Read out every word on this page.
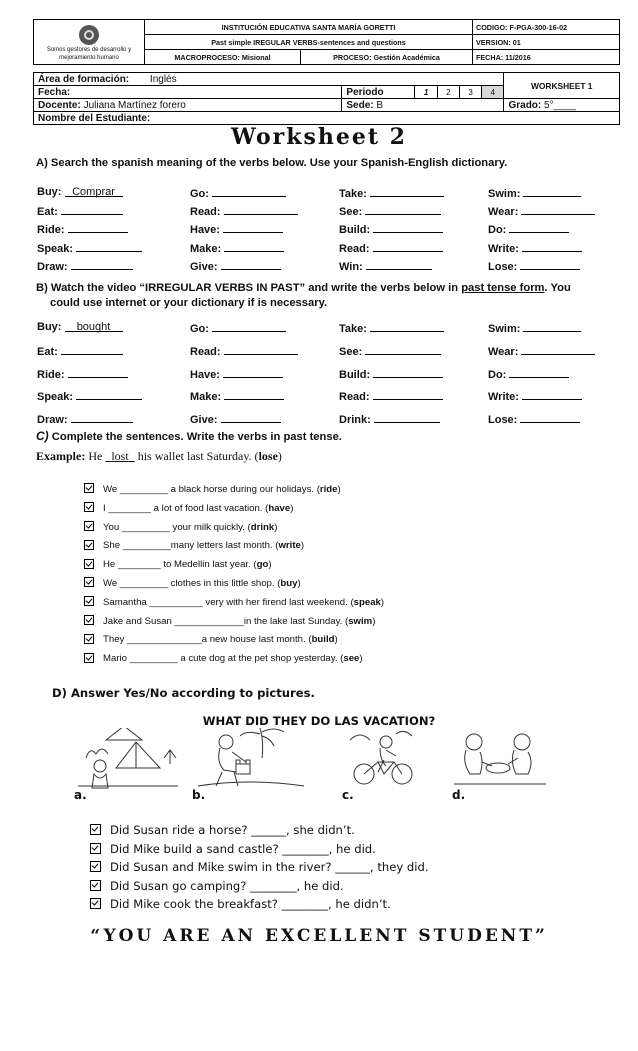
Somos gestores de desarrollo y mejoramiento humano	INSTITUCIÓN EDUCATIVA SANTA MARÍA GORETTI		CODIGO: F-PGA-300-16-02
	Past simple IREGULAR VERBS-sentences and questions		VERSION: 01
	MACROPROCESO: Misional	PROCESO: Gestión Académica	FECHA: 11/2016
Área de formación: Inglés						WORKSHEET 1
Fecha:	Periodo	1	2	3	4	
Docente: Juliana Martínez forero	Sede: B					Grado: 5°____
Nombre del Estudiante:						
Worksheet 2
A) Search the spanish meaning of the verbs below. Use your Spanish-English dictionary.
Buy: Comprar	Go:	Take:	Swim:
Eat:	Read:	See:	Wear:
Ride:	Have:	Build:	Do:
Speak:	Make:	Read:	Write:
Draw:	Give:	Win:	Lose:
B) Watch the video “IRREGULAR VERBS IN PAST” and write the verbs below in past tense form. You
could use internet or your dictionary if is necessary.
Buy: bought	Go:	Take:	Swim:
Eat:	Read:	See:	Wear:
Ride:	Have:	Build:	Do:
Speak:	Make:	Read:	Write:
Draw:	Give:	Drink:	Lose:
C) Complete the sentences. Write the verbs in past tense.
Example: He lost his wallet last Saturday. (lose)
We _________ a black horse during our holidays. (ride)
I ________ a lot of food last vacation. (have)
You _________ your milk quickly. (drink)
She _________many letters last month. (write)
He ________ to Medellin last year. (go)
We _________ clothes in this little shop. (buy)
Samantha __________ very with her firend last weekend. (speak)
Jake and Susan _____________in the lake last Sunday. (swim)
They ______________a new house last month. (build)
Mario _________ a cute dog at the pet shop yesterday. (see)
D) Answer Yes/No according to pictures.
WHAT DID THEY DO LAS VACATION?
a.	b.	c.	d.
Did Susan ride a horse? ______, she didn’t.
Did Mike build a sand castle? ________, he did.
Did Susan and Mike swim in the river? ______, they did.
Did Susan go camping? ________, he did.
Did Mike cook the breakfast? ________, he didn’t.
“YOU ARE AN EXCELLENT STUDENT”
